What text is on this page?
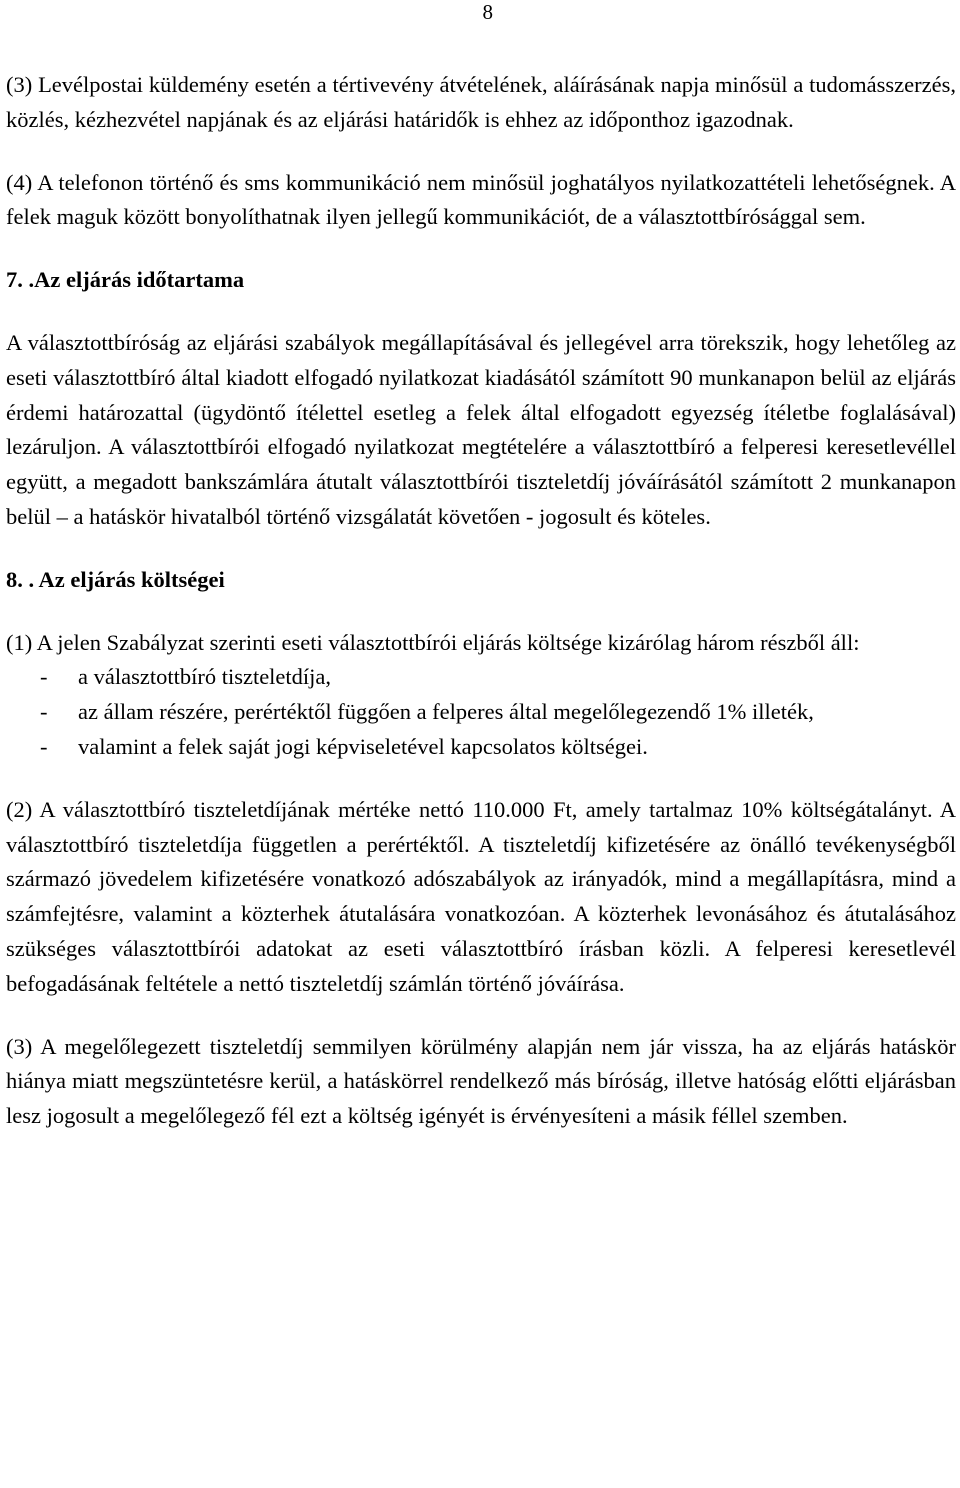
8

(3) Levélpostai küldemény esetén a tértivevény átvételének, aláírásának napja minősül a tudomásszerzés, közlés, kézhezvétel napjának és az eljárási határidők is ehhez az időponthoz igazodnak.

(4) A telefonon történő és sms kommunikáció nem minősül joghatályos nyilatkozattételi lehetőségnek. A felek maguk között bonyolíthatnak ilyen jellegű kommunikációt, de a választottbírósággal sem.

7. .Az eljárás időtartama

A választottbíróság az eljárási szabályok megállapításával és jellegével arra törekszik, hogy lehetőleg az eseti választottbíró által kiadott elfogadó nyilatkozat kiadásától számított 90 munkanapon belül az eljárás érdemi határozattal (ügydöntő ítélettel esetleg a felek által elfogadott egyezség ítéletbe foglalásával) lezáruljon. A választottbírói elfogadó nyilatkozat megtételére a választottbíró a felperesi keresetlevéllel együtt, a megadott bankszámlára átutalt választottbírói tiszteletdíj jóváírásától számított 2 munkanapon belül – a hatáskör hivatalból történő vizsgálatát követően - jogosult és köteles.

8. . Az eljárás költségei

(1) A jelen Szabályzat szerinti eseti választottbírói eljárás költsége kizárólag három részből áll:

- a választottbíró tiszteletdíja,
- az állam részére, perértéktől függően a felperes által megelőlegezendő 1% illeték,
- valamint a felek saját jogi képviseletével kapcsolatos költségei.

(2) A választottbíró tiszteletdíjának mértéke nettó 110.000 Ft, amely tartalmaz 10% költségátalányt. A választottbíró tiszteletdíja független a perértéktől. A tiszteletdíj kifizetésére az önálló tevékenységből származó jövedelem kifizetésére vonatkozó adószabályok az irányadók, mind a megállapításra, mind a számfejtésre, valamint a közterhek átutalására vonatkozóan. A közterhek levonásához és átutalásához szükséges választottbírói adatokat az eseti választottbíró írásban közli. A felperesi keresetlevél befogadásának feltétele a nettó tiszteletdíj számlán történő jóváírása.

(3) A megelőlegezett tiszteletdíj semmilyen körülmény alapján nem jár vissza, ha az eljárás hatáskör hiánya miatt megszüntetésre kerül, a hatáskörrel rendelkező más bíróság, illetve hatóság előtti eljárásban lesz jogosult a megelőlegező fél ezt a költség igényét is érvényesíteni a másik féllel szemben.
